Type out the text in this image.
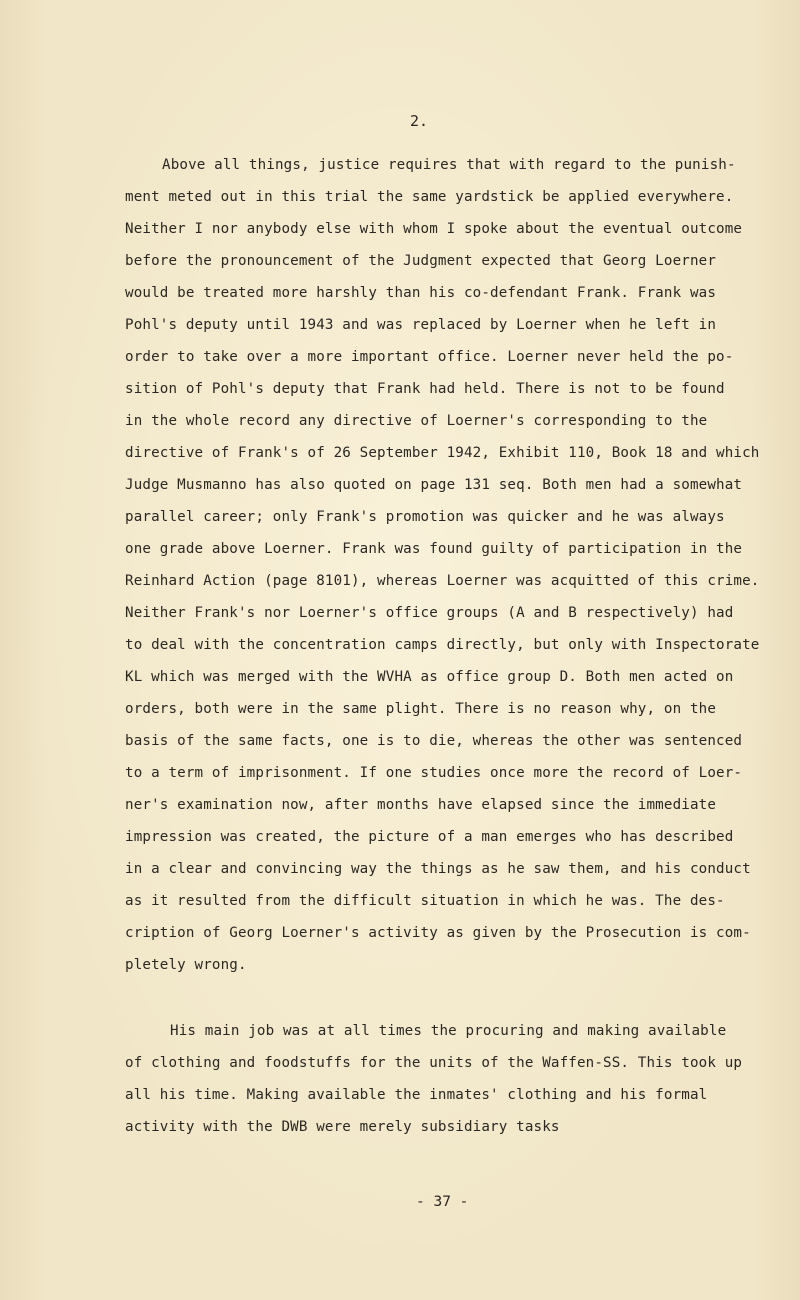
2.
Above all things, justice requires that with regard to the punish-
ment meted out in this trial the same yardstick be applied everywhere.
Neither I nor anybody else with whom I spoke about the eventual outcome
before the pronouncement of the Judgment expected that Georg Loerner
would be treated more harshly than his co-defendant Frank. Frank was
Pohl's deputy until 1943 and was replaced by Loerner when he left in
order to take over a more important office. Loerner never held the po-
sition of Pohl's deputy that Frank had held. There is not to be found
in the whole record any directive of Loerner's corresponding to the
directive of Frank's of 26 September 1942, Exhibit 110, Book 18 and which
Judge Musmanno has also quoted on page 131 seq. Both men had a somewhat
parallel career; only Frank's promotion was quicker and he was always
one grade above Loerner. Frank was found guilty of participation in the
Reinhard Action (page 8101), whereas Loerner was acquitted of this crime.
Neither Frank's nor Loerner's office groups (A and B respectively) had
to deal with the concentration camps directly, but only with Inspectorate
KL which was merged with the WVHA as office group D. Both men acted on
orders, both were in the same plight. There is no reason why, on the
basis of the same facts, one is to die, whereas the other was sentenced
to a term of imprisonment. If one studies once more the record of Loer-
ner's examination now, after months have elapsed since the immediate
impression was created, the picture of a man emerges who has described
in a clear and convincing way the things as he saw them, and his conduct
as it resulted from the difficult situation in which he was. The des-
cription of Georg Loerner's activity as given by the Prosecution is com-
pletely wrong.
His main job was at all times the procuring and making available
of clothing and foodstuffs for the units of the Waffen-SS. This took up
all his time. Making available the inmates' clothing and his formal
activity with the DWB were merely subsidiary tasks
- 37 -
